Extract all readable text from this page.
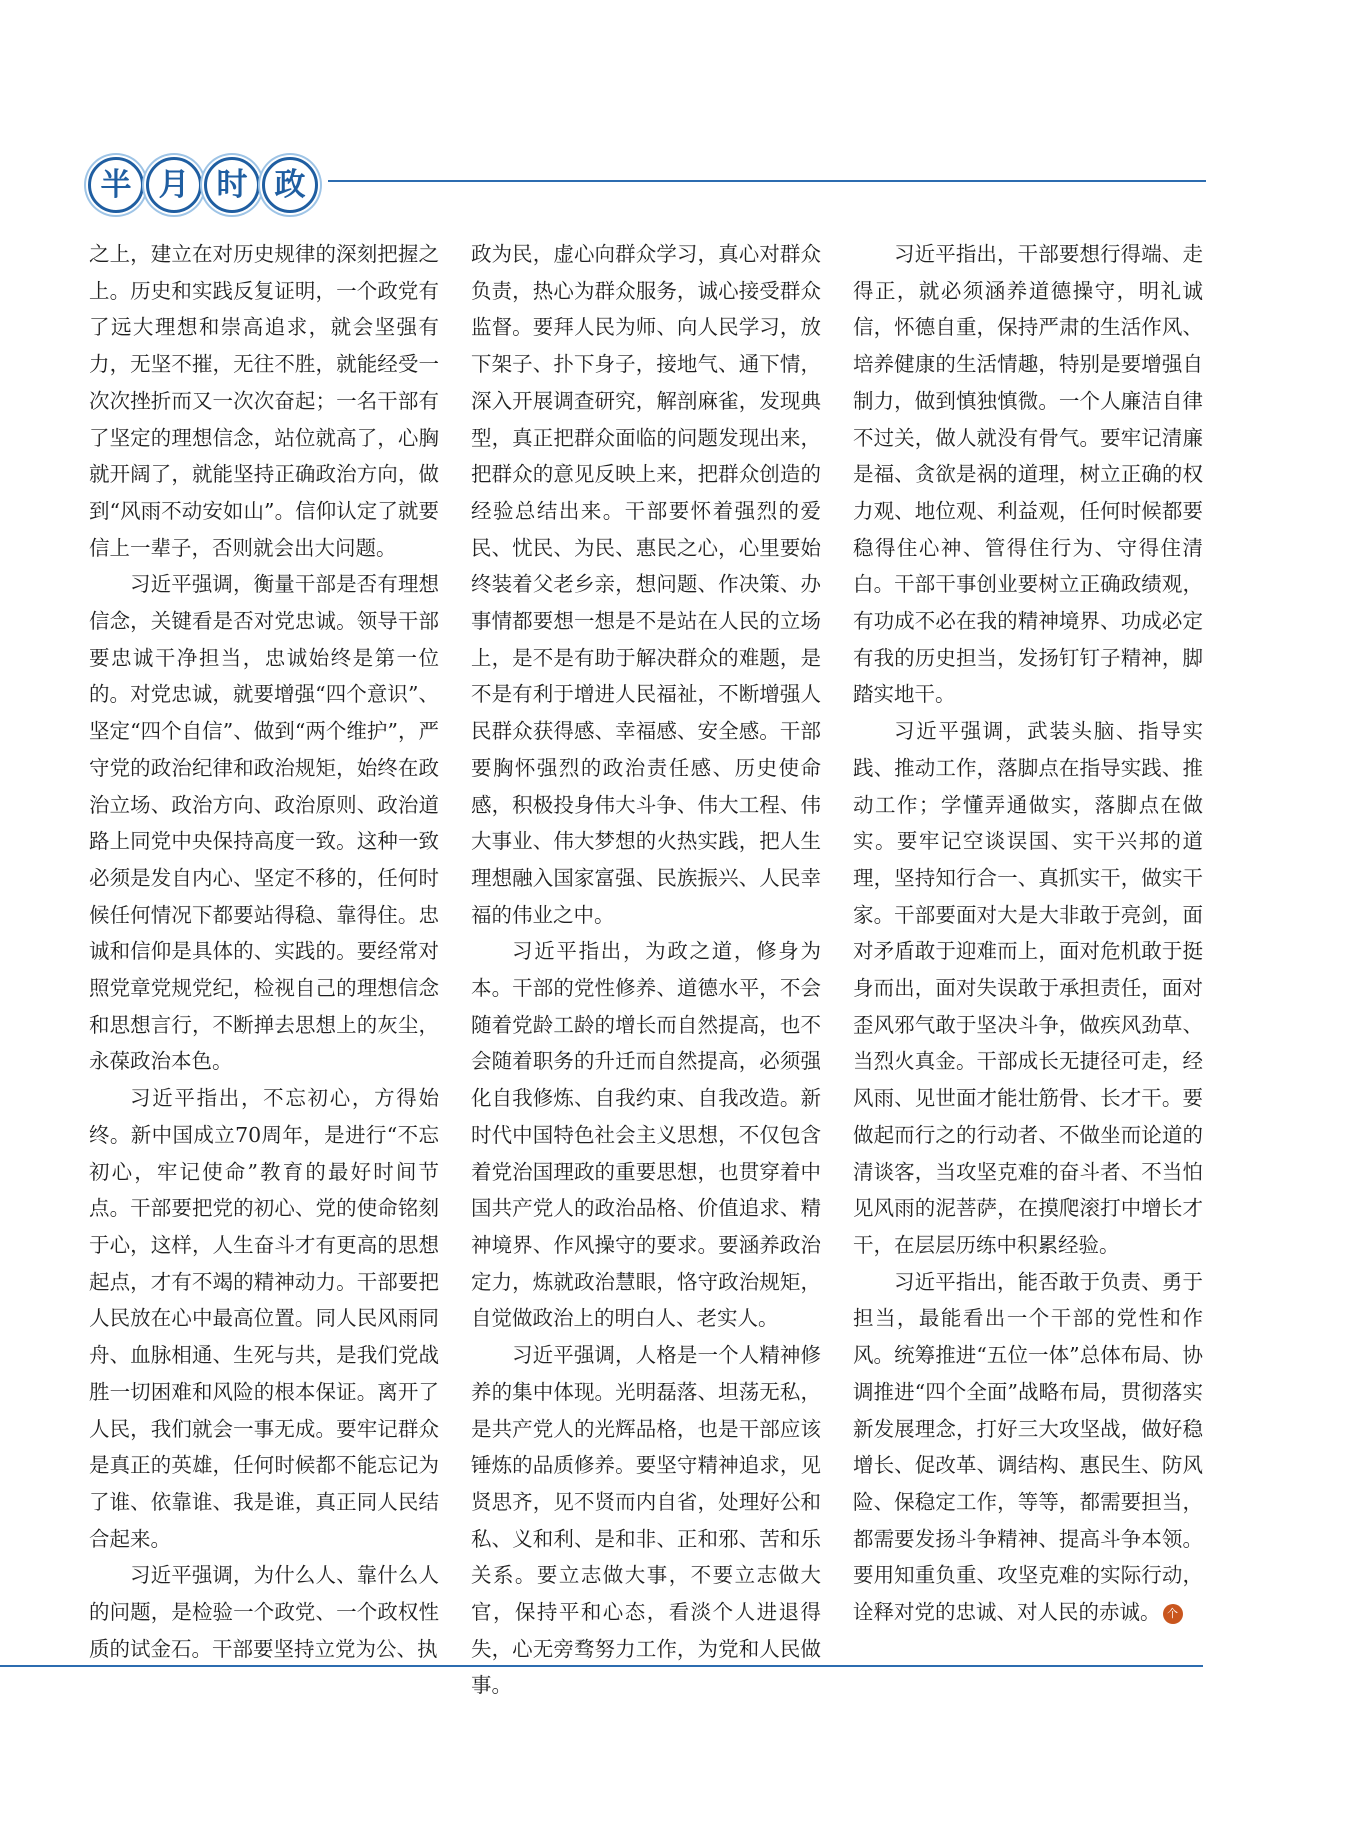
半 月 时 政

之上，建立在对历史规律的深刻把握之上。历史和实践反复证明，一个政党有了远大理想和崇高追求，就会坚强有力，无坚不摧，无往不胜，就能经受一次次挫折而又一次次奋起；一名干部有了坚定的理想信念，站位就高了，心胸就开阔了，就能坚持正确政治方向，做到“风雨不动安如山”。信仰认定了就要信上一辈子，否则就会出大问题。

习近平强调，衡量干部是否有理想信念，关键看是否对党忠诚。领导干部要忠诚干净担当，忠诚始终是第一位的。对党忠诚，就要增强“四个意识”、坚定“四个自信”、做到“两个维护”，严守党的政治纪律和政治规矩，始终在政治立场、政治方向、政治原则、政治道路上同党中央保持高度一致。这种一致必须是发自内心、坚定不移的，任何时候任何情况下都要站得稳、靠得住。忠诚和信仰是具体的、实践的。要经常对照党章党规党纪，检视自己的理想信念和思想言行，不断掸去思想上的灰尘，永葆政治本色。

习近平指出，不忘初心，方得始终。新中国成立70周年，是进行“不忘初心，牢记使命”教育的最好时间节点。干部要把党的初心、党的使命铭刻于心，这样，人生奋斗才有更高的思想起点，才有不竭的精神动力。干部要把人民放在心中最高位置。同人民风雨同舟、血脉相通、生死与共，是我们党战胜一切困难和风险的根本保证。离开了人民，我们就会一事无成。要牢记群众是真正的英雄，任何时候都不能忘记为了谁、依靠谁、我是谁，真正同人民结合起来。

习近平强调，为什么人、靠什么人的问题，是检验一个政党、一个政权性质的试金石。干部要坚持立党为公、执

政为民，虚心向群众学习，真心对群众负责，热心为群众服务，诚心接受群众监督。要拜人民为师、向人民学习，放下架子、扑下身子，接地气、通下情，深入开展调查研究，解剖麻雀，发现典型，真正把群众面临的问题发现出来，把群众的意见反映上来，把群众创造的经验总结出来。干部要怀着强烈的爱民、忧民、为民、惠民之心，心里要始终装着父老乡亲，想问题、作决策、办事情都要想一想是不是站在人民的立场上，是不是有助于解决群众的难题，是不是有利于增进人民福祉，不断增强人民群众获得感、幸福感、安全感。干部要胸怀强烈的政治责任感、历史使命感，积极投身伟大斗争、伟大工程、伟大事业、伟大梦想的火热实践，把人生理想融入国家富强、民族振兴、人民幸福的伟业之中。

习近平指出，为政之道，修身为本。干部的党性修养、道德水平，不会随着党龄工龄的增长而自然提高，也不会随着职务的升迁而自然提高，必须强化自我修炼、自我约束、自我改造。新时代中国特色社会主义思想，不仅包含着党治国理政的重要思想，也贯穿着中国共产党人的政治品格、价值追求、精神境界、作风操守的要求。要涵养政治定力，炼就政治慧眼，恪守政治规矩，自觉做政治上的明白人、老实人。

习近平强调，人格是一个人精神修养的集中体现。光明磊落、坦荡无私，是共产党人的光辉品格，也是干部应该锤炼的品质修养。要坚守精神追求，见贤思齐，见不贤而内自省，处理好公和私、义和利、是和非、正和邪、苦和乐关系。要立志做大事，不要立志做大官，保持平和心态，看淡个人进退得失，心无旁骛努力工作，为党和人民做事。

习近平指出，干部要想行得端、走得正，就必须涵养道德操守，明礼诚信，怀德自重，保持严肃的生活作风、培养健康的生活情趣，特别是要增强自制力，做到慎独慎微。一个人廉洁自律不过关，做人就没有骨气。要牢记清廉是福、贪欲是祸的道理，树立正确的权力观、地位观、利益观，任何时候都要稳得住心神、管得住行为、守得住清白。干部干事创业要树立正确政绩观，有功成不必在我的精神境界、功成必定有我的历史担当，发扬钉钉子精神，脚踏实地干。

习近平强调，武装头脑、指导实践、推动工作，落脚点在指导实践、推动工作；学懂弄通做实，落脚点在做实。要牢记空谈误国、实干兴邦的道理，坚持知行合一、真抓实干，做实干家。干部要面对大是大非敢于亮剑，面对矛盾敢于迎难而上，面对危机敢于挺身而出，面对失误敢于承担责任，面对歪风邪气敢于坚决斗争，做疾风劲草、当烈火真金。干部成长无捷径可走，经风雨、见世面才能壮筋骨、长才干。要做起而行之的行动者、不做坐而论道的清谈客，当攻坚克难的奋斗者、不当怕见风雨的泥菩萨，在摸爬滚打中增长才干，在层层历练中积累经验。

习近平指出，能否敢于负责、勇于担当，最能看出一个干部的党性和作风。统筹推进“五位一体”总体布局、协调推进“四个全面”战略布局，贯彻落实新发展理念，打好三大攻坚战，做好稳增长、促改革、调结构、惠民生、防风险、保稳定工作，等等，都需要担当，都需要发扬斗争精神、提高斗争本领。要用知重负重、攻坚克难的实际行动，诠释对党的忠诚、对人民的赤诚。 个
